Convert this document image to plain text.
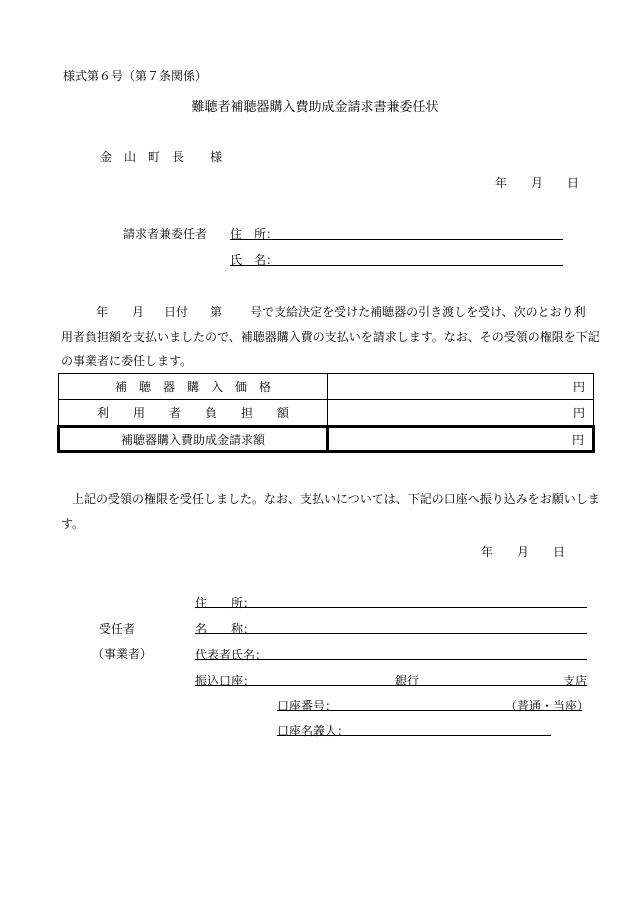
様式第６号（第７条関係）
難聴者補聴器購入費助成金請求書兼委任状
金 山 町 長 様
年 月 日
請求者兼委任者 住　所：
氏　名：
年 月 日付 第 号で支給決定を受けた補聴器の引き渡しを受け、次のとおり利
用者負担額を支払いましたので、補聴器購入費の支払いを請求します。なお、その受領の権限を下記
の事業者に委任します。
補　聴　器　購　入　価　格	円
利　　用　　者　　負　　担　　額	円
補聴器購入費助成金請求額	円
上記の受領の権限を受任しました。なお、支払いについては、下記の口座へ振り込みをお願いしま
す。
年 月 日
受任者
（事業者）
住　　所：
名　　称：
代表者氏名：
振込口座：	銀行	支店
口座番号：	（普通・当座）
口座名義人：
